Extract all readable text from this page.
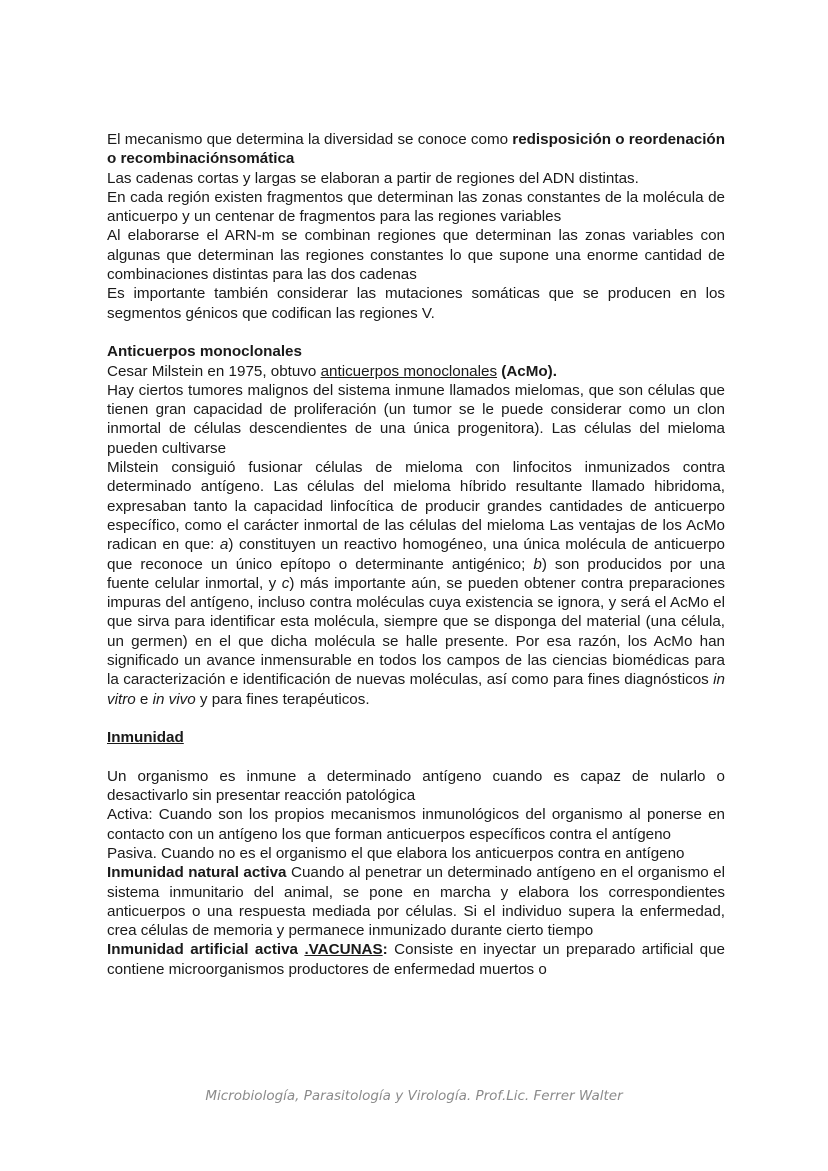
El mecanismo que determina la diversidad se conoce como redisposición o reordenación o recombinaciónsomática

Las cadenas cortas y largas se elaboran a partir de regiones del ADN distintas.

En cada región existen fragmentos que determinan las zonas constantes de la molécula de anticuerpo y un centenar de fragmentos para las regiones variables

Al elaborarse el ARN-m se combinan regiones que determinan las zonas variables con algunas que determinan las regiones constantes lo que supone una enorme cantidad de combinaciones distintas para las dos cadenas

Es importante también considerar las mutaciones somáticas que se producen en los segmentos génicos que codifican las regiones V.

Anticuerpos monoclonales

Cesar Milstein en 1975, obtuvo anticuerpos monoclonales (AcMo).

Hay ciertos tumores malignos del sistema inmune llamados mielomas, que son células que tienen gran capacidad de proliferación (un tumor se le puede considerar como un clon inmortal de células descendientes de una única progenitora). Las células del mieloma pueden cultivarse

Milstein consiguió fusionar células de mieloma con linfocitos inmunizados contra determinado antígeno. Las células del mieloma híbrido resultante llamado hibridoma, expresaban tanto la capacidad linfocítica de producir grandes cantidades de anticuerpo específico, como el carácter inmortal de las células del mieloma Las ventajas de los AcMo radican en que: a) constituyen un reactivo homogéneo, una única molécula de anticuerpo que reconoce un único epítopo o determinante antigénico; b) son producidos por una fuente celular inmortal, y c) más importante aún, se pueden obtener contra preparaciones impuras del antígeno, incluso contra moléculas cuya existencia se ignora, y será el AcMo el que sirva para identificar esta molécula, siempre que se disponga del material (una célula, un germen) en el que dicha molécula se halle presente. Por esa razón, los AcMo han significado un avance inmensurable en todos los campos de las ciencias biomédicas para la caracterización e identificación de nuevas moléculas, así como para fines diagnósticos in vitro e in vivo y para fines terapéuticos.

Inmunidad

Un organismo es inmune a determinado antígeno cuando es capaz de nularlo o desactivarlo sin presentar reacción patológica

Activa: Cuando son los propios mecanismos inmunológicos del organismo al ponerse en contacto con un antígeno los que forman anticuerpos específicos contra el antígeno

Pasiva. Cuando no es el organismo el que elabora los anticuerpos contra en antígeno

Inmunidad natural activa Cuando al penetrar un determinado antígeno en el organismo el sistema inmunitario del animal, se pone en marcha y elabora los correspondientes anticuerpos o una respuesta mediada por células. Si el individuo supera la enfermedad, crea células de memoria y permanece inmunizado durante cierto tiempo

Inmunidad artificial activa .VACUNAS: Consiste en inyectar un preparado artificial que contiene microorganismos productores de enfermedad muertos o

Microbiología, Parasitología y Virología. Prof.Lic. Ferrer Walter
